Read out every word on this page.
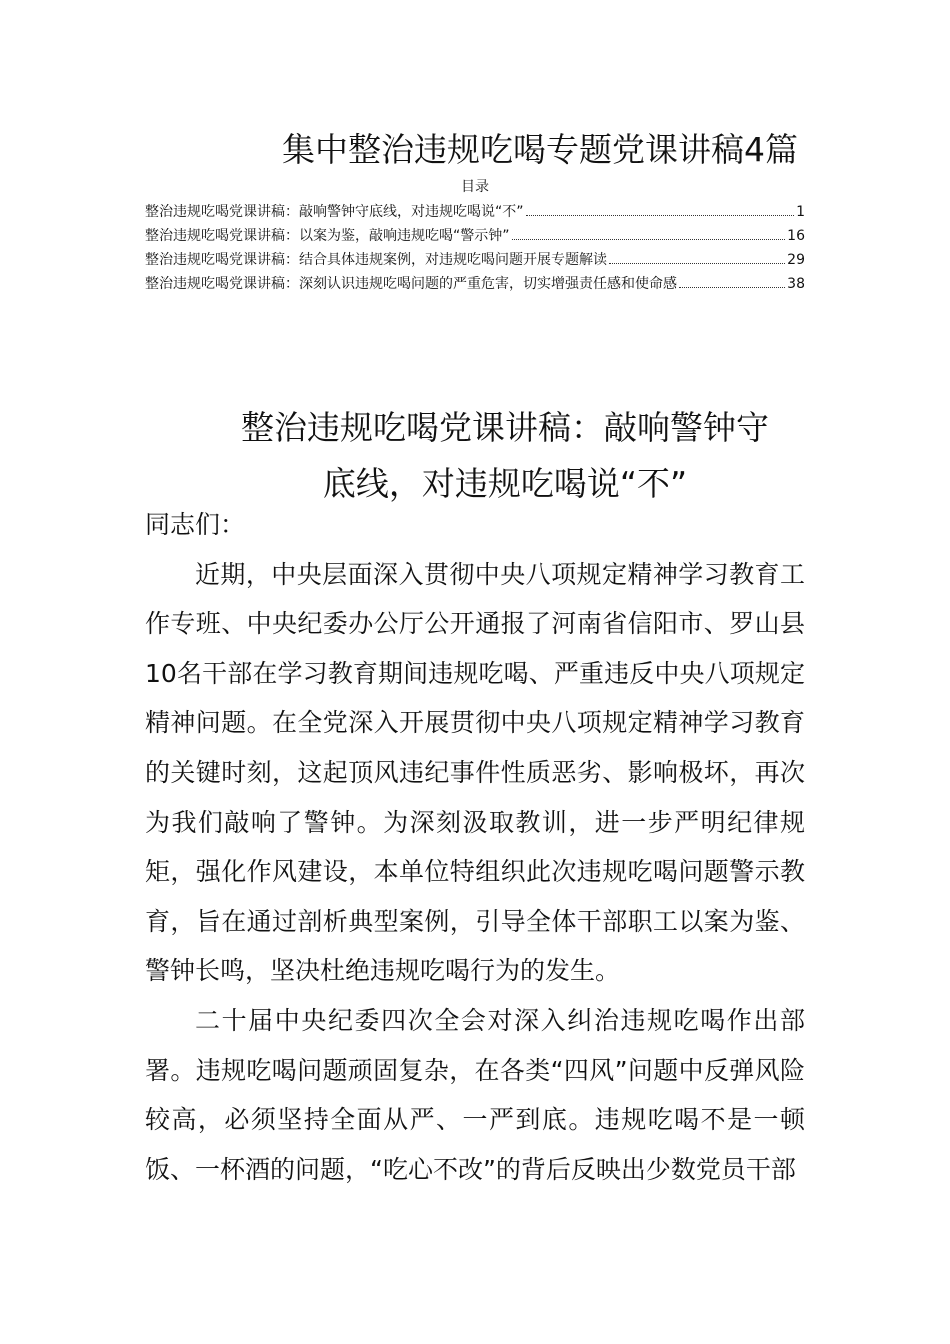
集中整治违规吃喝专题党课讲稿4篇
目录
整治违规吃喝党课讲稿：敲响警钟守底线，对违规吃喝说“不”	1
整治违规吃喝党课讲稿：以案为鉴，敲响违规吃喝“警示钟”	16
整治违规吃喝党课讲稿：结合具体违规案例，对违规吃喝问题开展专题解读	29
整治违规吃喝党课讲稿：深刻认识违规吃喝问题的严重危害，切实增强责任感和使命感	38
整治违规吃喝党课讲稿：敲响警钟守
底线，对违规吃喝说“不”

同志们：

近期，中央层面深入贯彻中央八项规定精神学习教育工作专班、中央纪委办公厅公开通报了河南省信阳市、罗山县10名干部在学习教育期间违规吃喝、严重违反中央八项规定精神问题。在全党深入开展贯彻中央八项规定精神学习教育的关键时刻，这起顶风违纪事件性质恶劣、影响极坏，再次为我们敲响了警钟。为深刻汲取教训，进一步严明纪律规矩，强化作风建设，本单位特组织此次违规吃喝问题警示教育，旨在通过剖析典型案例，引导全体干部职工以案为鉴、警钟长鸣，坚决杜绝违规吃喝行为的发生。

二十届中央纪委四次全会对深入纠治违规吃喝作出部署。违规吃喝问题顽固复杂，在各类“四风”问题中反弹风险较高，必须坚持全面从严、一严到底。违规吃喝不是一顿饭、一杯酒的问题，“吃心不改”的背后反映出少数党员干部
